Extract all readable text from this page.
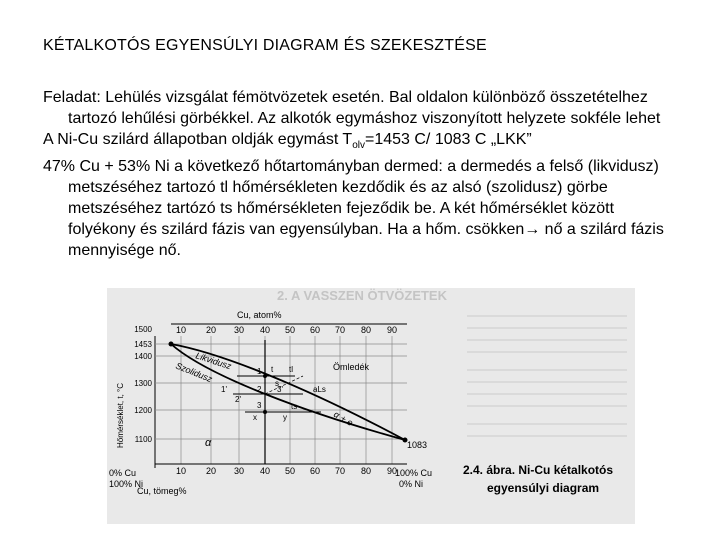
KÉTALKOTÓS EGYENSÚLYI DIAGRAM ÉS SZEKESZTÉSE

Feladat: Lehülés vizsgálat fémötvözetek esetén. Bal oldalon különböző összetételhez tartozó lehűlési görbékkel. Az alkotók egymáshoz viszonyított helyzete sokféle lehet

A Ni-Cu szilárd állapotban oldják egymást $T_{olv}=1453$ C/ 1083 C „LKK”

47% Cu + 53% Ni a következő hőtartományban dermed: a dermedés a felső (likvidusz) metszéséhez tartozó tl hőmérsékleten kezdődik és az alsó (szolidusz) görbe metszéséhez tartózó ts hőmérsékleten fejeződik be. A két hőmérséklet között folyékony és szilárd fázis van egyensúlyban. Ha a hőm. csökken→ nő a szilárd fázis mennyisége nő.

2. A VASSZEN ÖTVÖZETEK
Cu, atom%
10 20 30 40 50 60 70 80 90
Hőmérséklet, t, °C
1500
1453
1400
1300
1200
1100
Likvidusz
Szolidusz	Ömledék
α + e
α
1
1'	2
2'
3
3'
tl
t
ts
s
x	y
aLs
1083
10 20 30 40 50 60 70 80 90
0% Cu
100% Ni
Cu, tömeg%
100% Cu
0% Ni
2.4. ábra. Ni-Cu kétalkotós
egyensúlyi diagram
